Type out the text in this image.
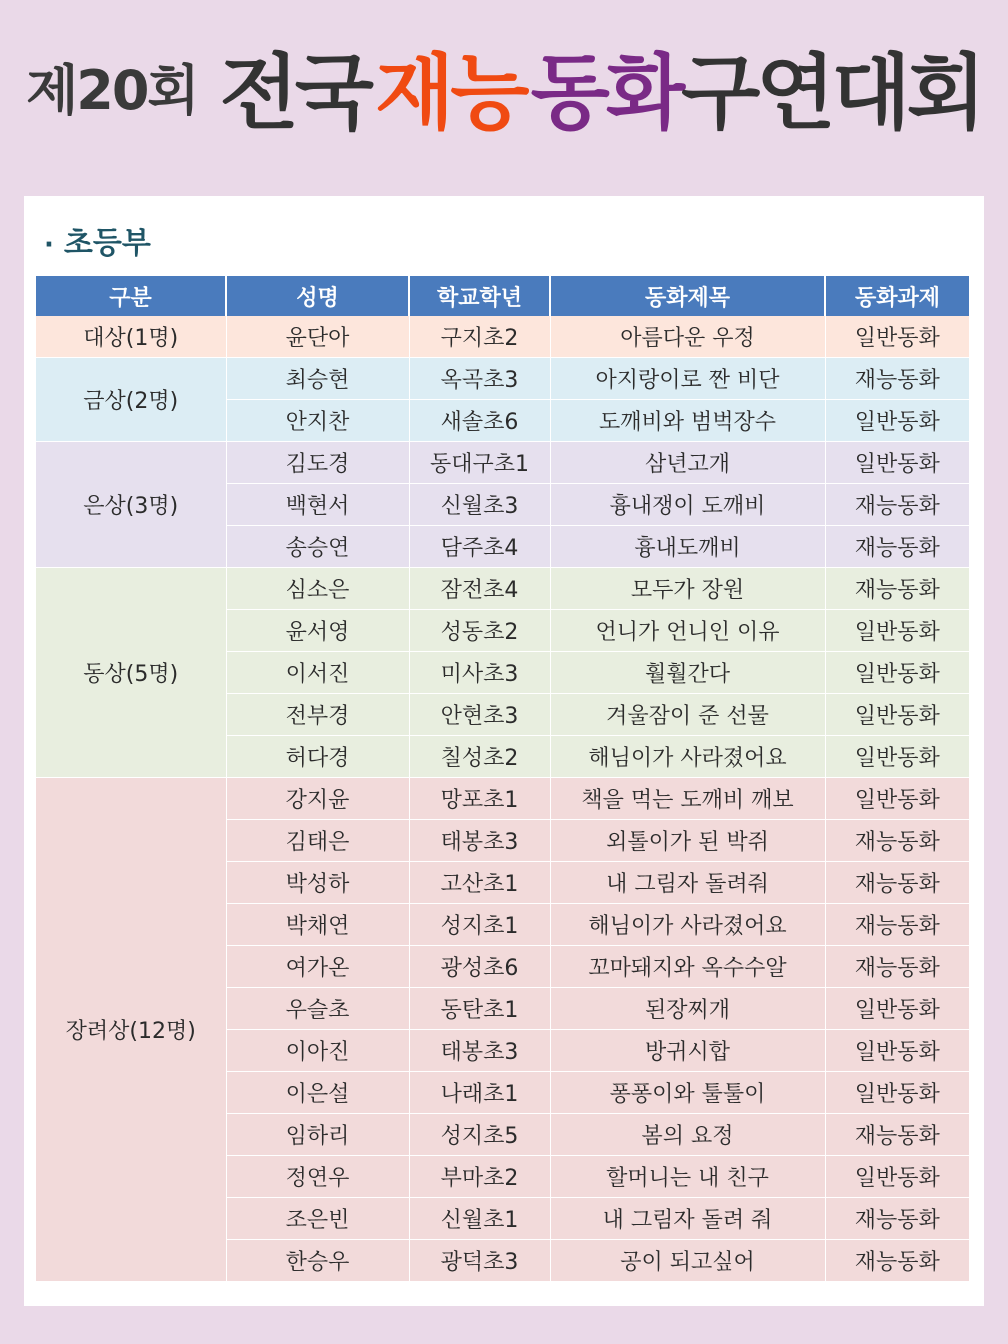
제20회 전국 재능 동화구연대회
· 초등부
구분	성명	학교학년	동화제목	동화과제
대상(1명)	윤단아	구지초2	아름다운 우정	일반동화
금상(2명)	최승현	옥곡초3	아지랑이로 짠 비단	재능동화
	안지찬	새솔초6	도깨비와 범벅장수	일반동화
은상(3명)	김도경	동대구초1	삼년고개	일반동화
	백현서	신월초3	흉내쟁이 도깨비	재능동화
	송승연	담주초4	흉내도깨비	재능동화
동상(5명)	심소은	잠전초4	모두가 장원	재능동화
	윤서영	성동초2	언니가 언니인 이유	일반동화
	이서진	미사초3	훨훨간다	일반동화
	전부경	안현초3	겨울잠이 준 선물	일반동화
	허다경	칠성초2	해님이가 사라졌어요	일반동화
장려상(12명)	강지윤	망포초1	책을 먹는 도깨비 깨보	일반동화
	김태은	태봉초3	외톨이가 된 박쥐	재능동화
	박성하	고산초1	내 그림자 돌려줘	재능동화
	박채연	성지초1	해님이가 사라졌어요	재능동화
	여가온	광성초6	꼬마돼지와 옥수수알	재능동화
	우슬초	동탄초1	된장찌개	일반동화
	이아진	태봉초3	방귀시합	일반동화
	이은설	나래초1	퐁퐁이와 툴툴이	일반동화
	임하리	성지초5	봄의 요정	재능동화
	정연우	부마초2	할머니는 내 친구	일반동화
	조은빈	신월초1	내 그림자 돌려 줘	재능동화
	한승우	광덕초3	공이 되고싶어	재능동화
